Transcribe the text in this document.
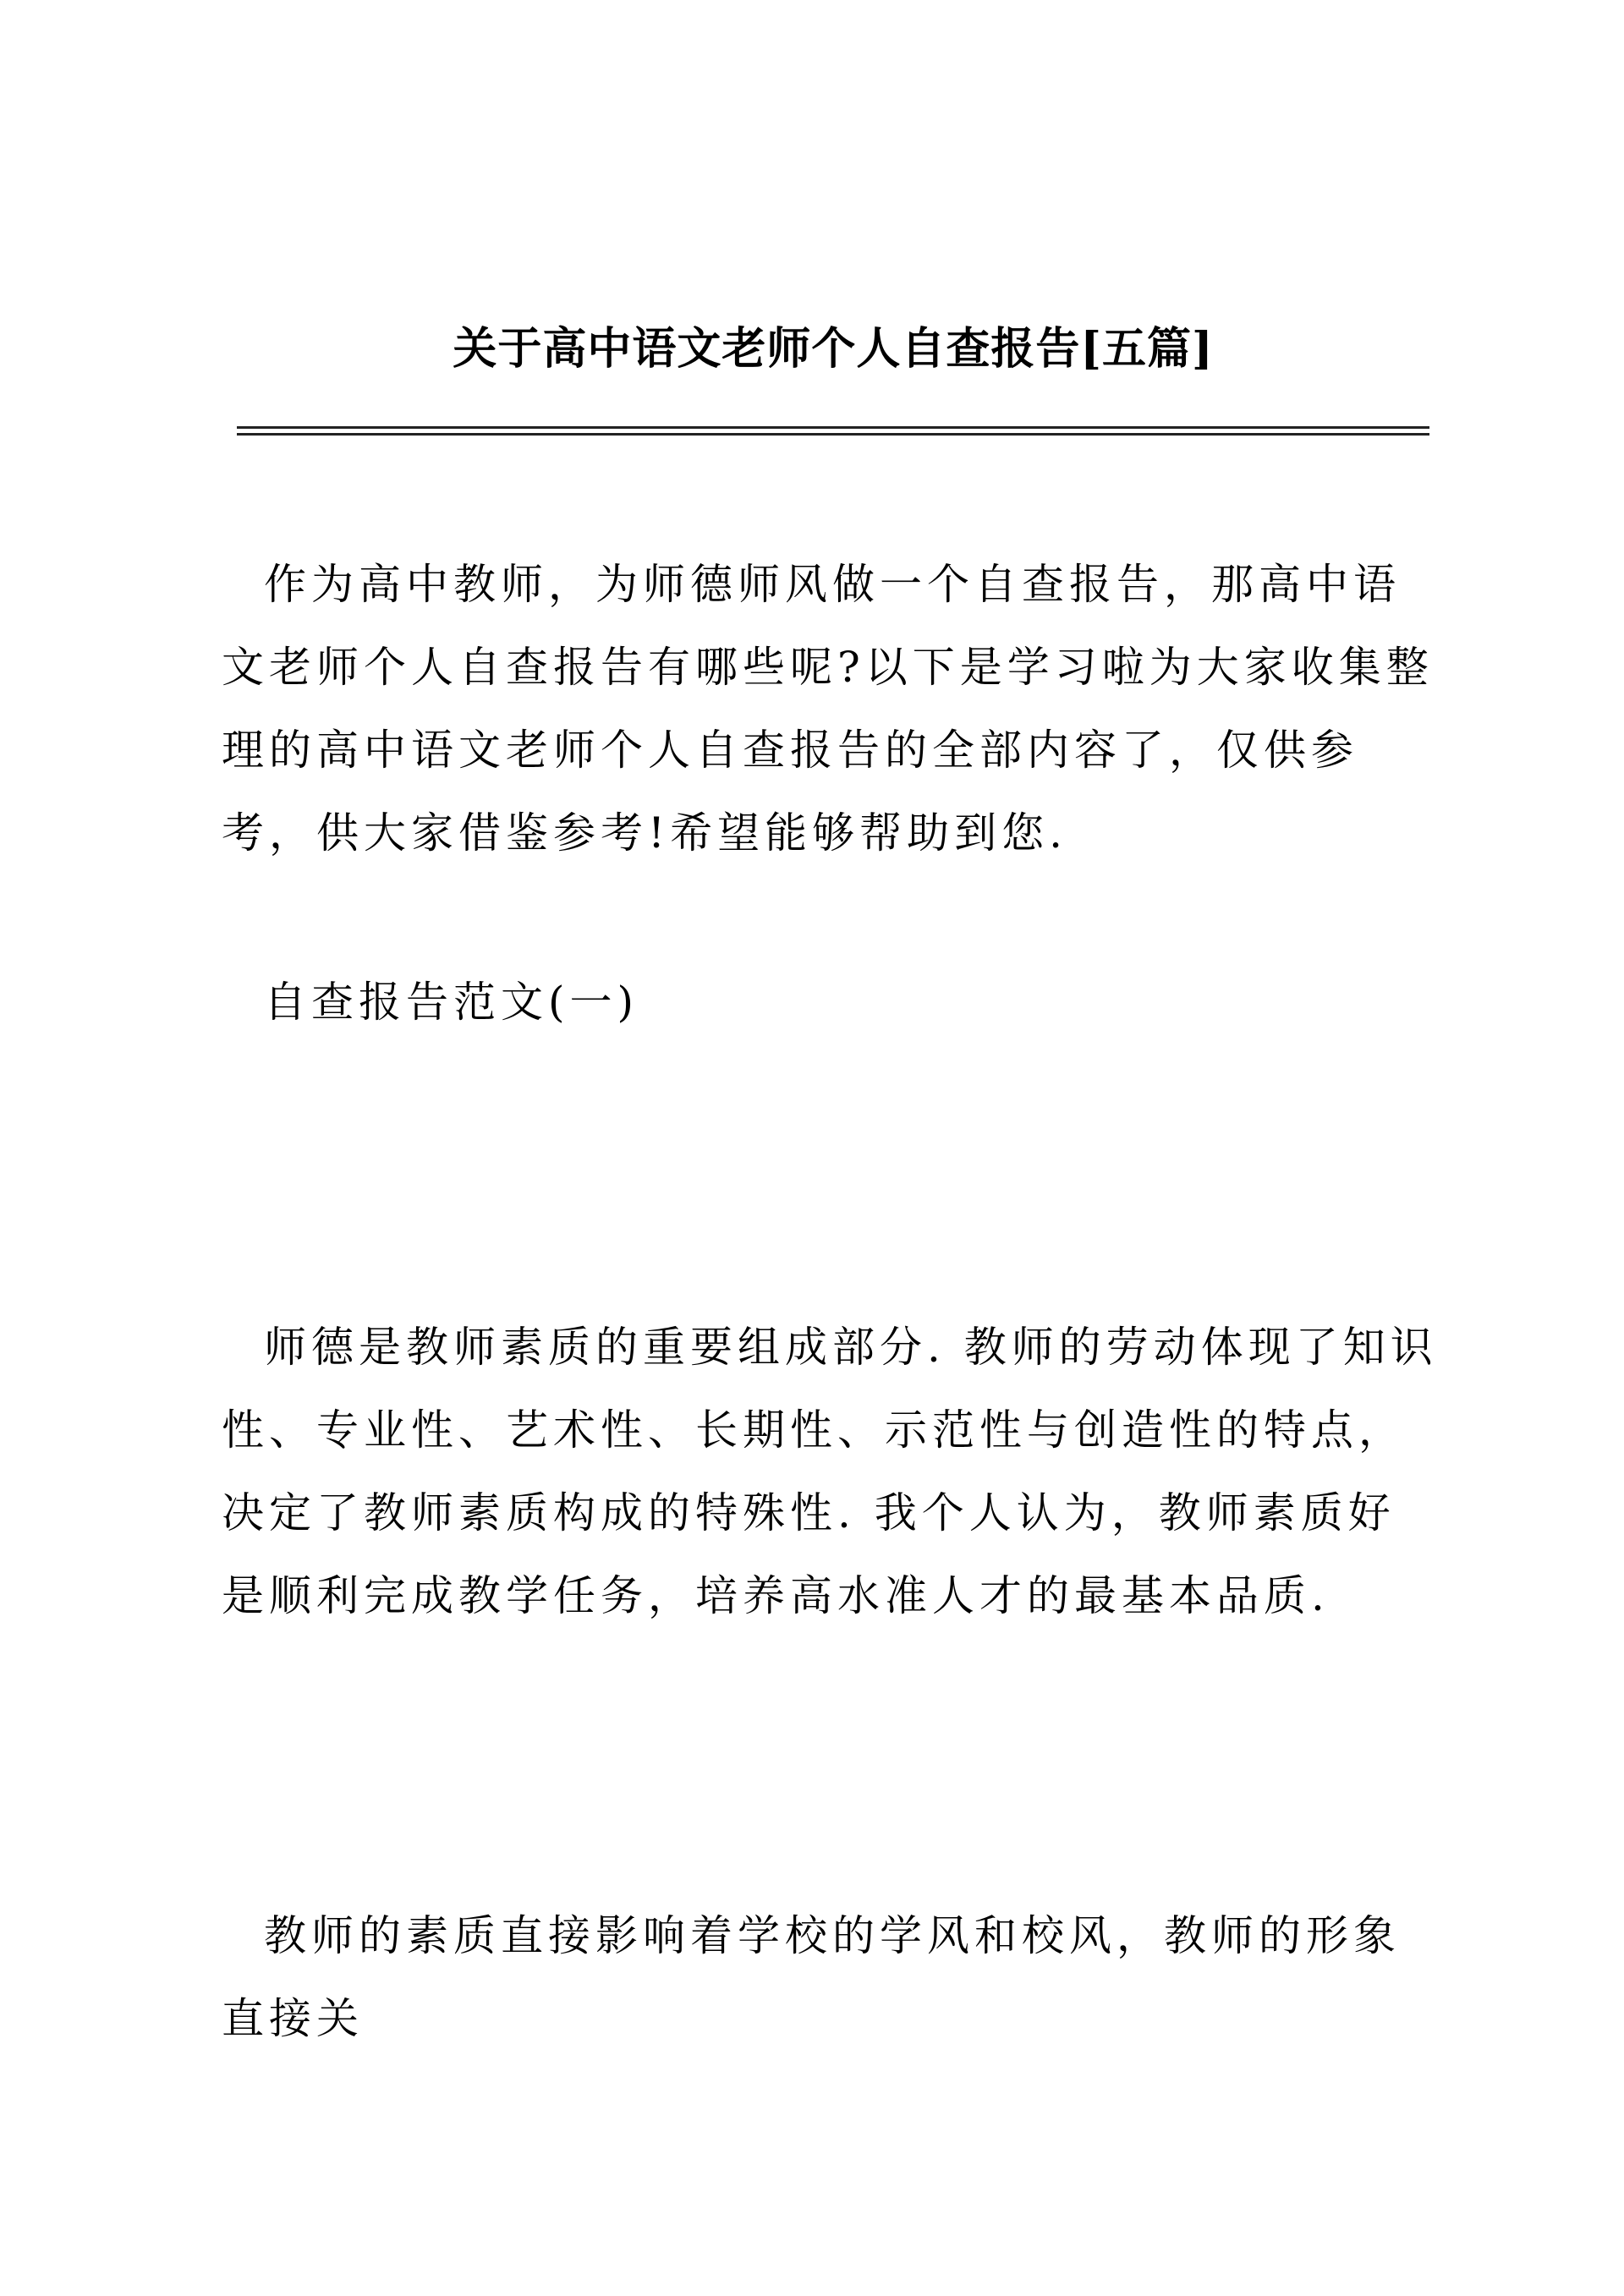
关于高中语文老师个人自查报告[五篇]

作为高中教师，为师德师风做一个自查报告，那高中语文老师个人自查报告有哪些呢?以下是学习啦为大家收集整理的高中语文老师个人自查报告的全部内容了，仅供参考，供大家借鉴参考!希望能够帮助到您.

自查报告范文(一)

师德是教师素质的重要组成部分. 教师的劳动体现了知识性、专业性、艺术性、长期性、示范性与创造性的特点，决定了教师素质构成的特殊性. 我个人认为，教师素质好是顺利完成教学任务，培养高水准人才的最基本品质.

教师的素质直接影响着学校的学风和校风，教师的形象直接关
